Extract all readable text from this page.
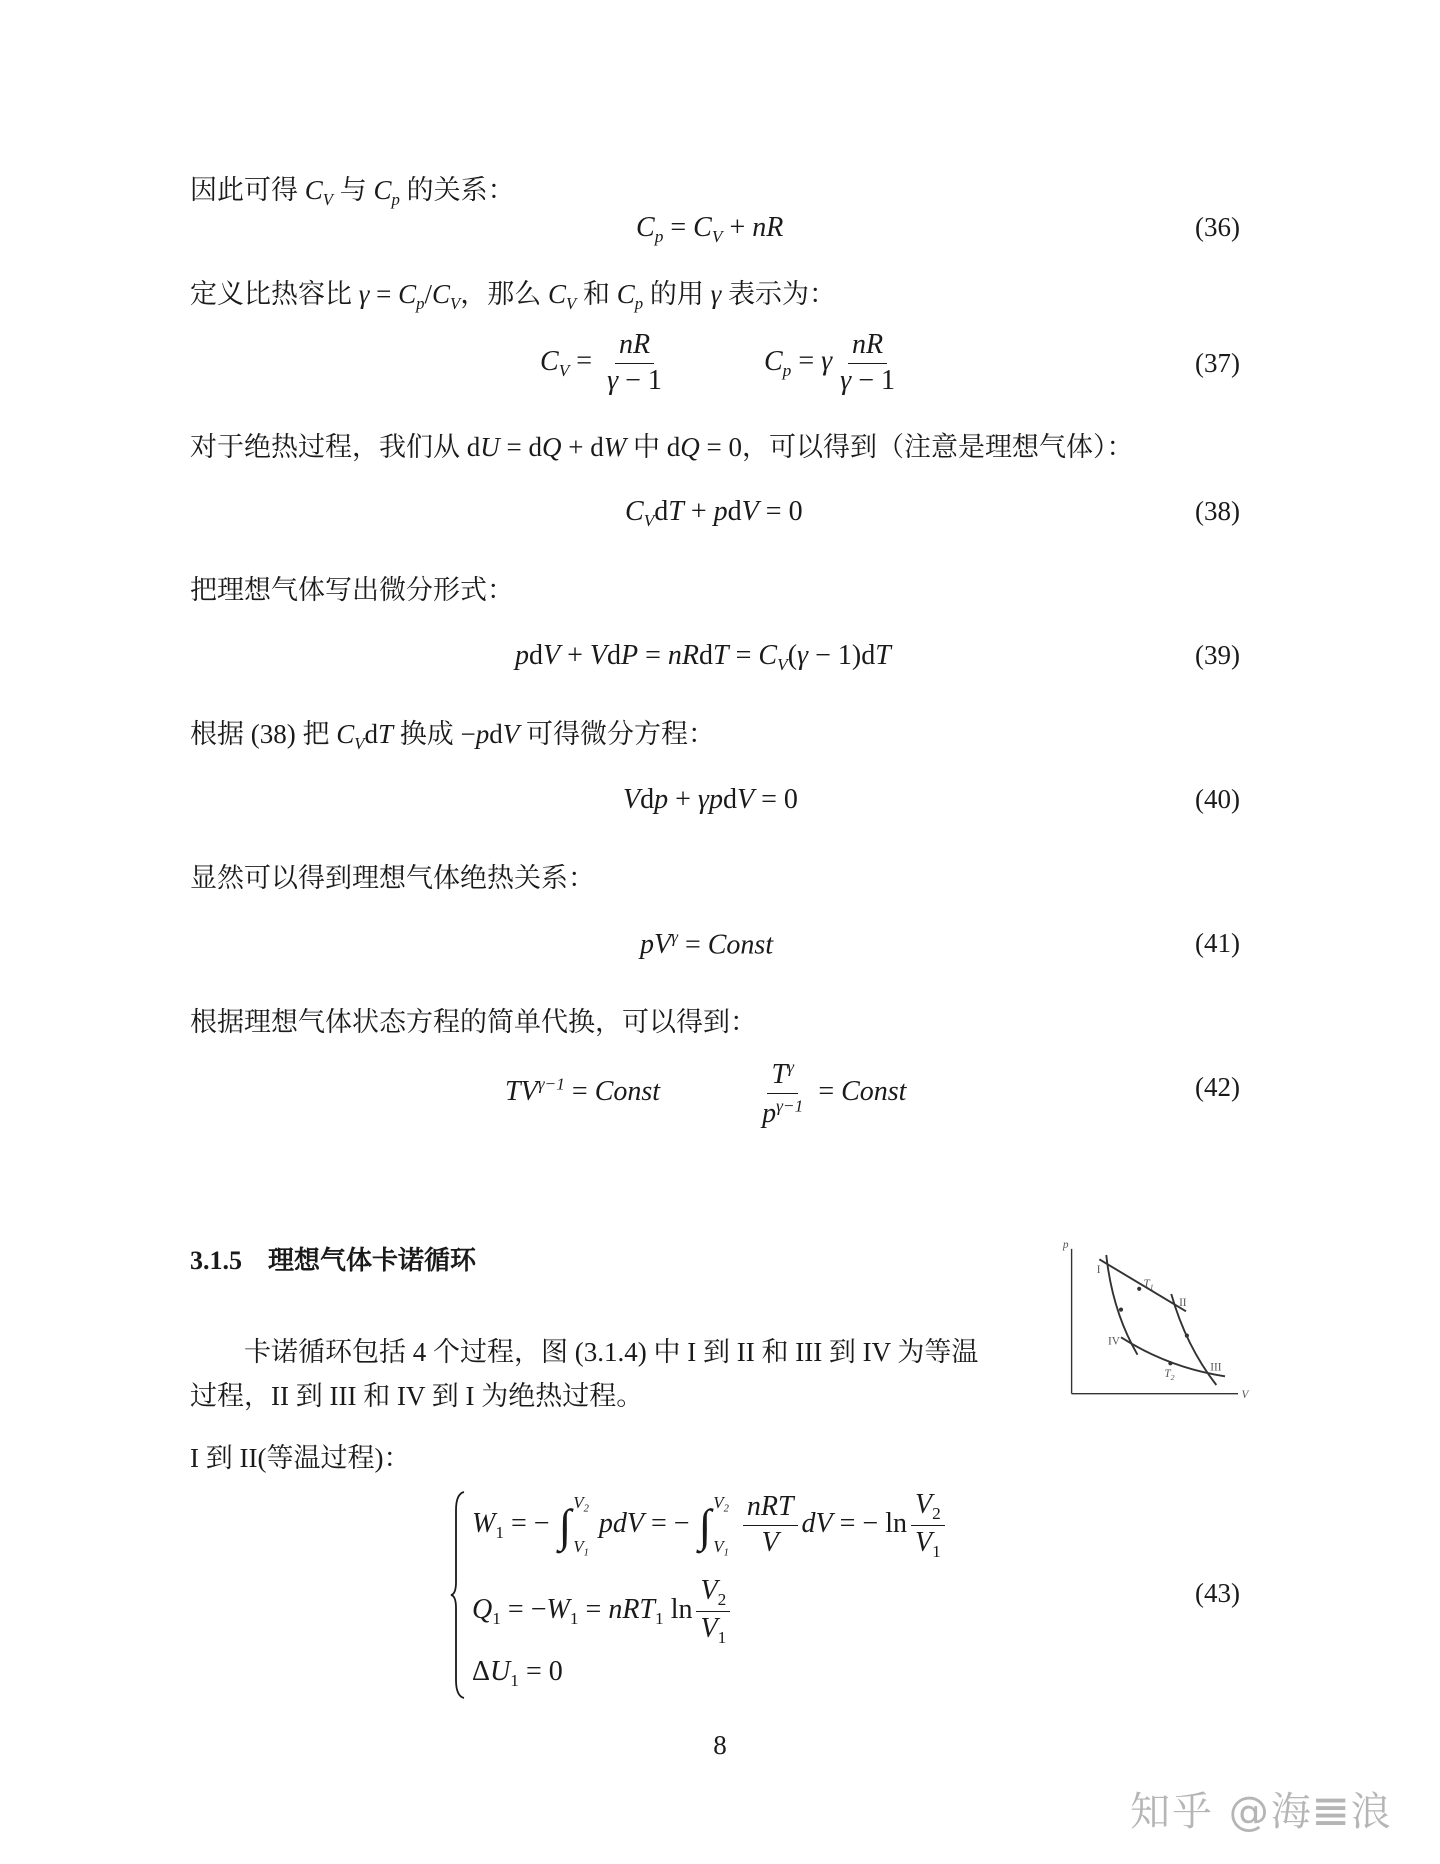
因此可得 $C_V$ 与 $C_p$ 的关系：
$C_p = C_V$ + nR	(36)
定义比热容比 $\gamma = C_p/C_V$，那么 $C_V$ 和 $C_p$ 的用 γ 表示为：
$C_V = \frac{nR}{\gamma - 1}$	$C_p = \gamma \frac{nR}{\gamma - 1}$	(37)
对于绝热过程，我们从 dU = dQ + dW 中 dQ = 0，可以得到（注意是理想气体）：
$C_VdT$ + pdV = 0	(38)
把理想气体写出微分形式：
pdV + VdP = nRdT = $C_V(\gamma - 1)dT$	(39)
根据 (38) 把 $C_VdT$ 换成 −pdV 可得微分方程：
Vdp + γpdV = 0	(40)
显然可以得到理想气体绝热关系：
$pV^\gamma$ = Const	(41)
根据理想气体状态方程的简单代换，可以得到：
$TV^{\gamma-1}$ = Const	$\frac{T^\gamma}{p^{\gamma-1}}$ = Const	(42)
3.1.5 理想气体卡诺循环
卡诺循环包括 4 个过程，图 (3.1.4) 中 I 到 II 和 III 到 IV 为等温
过程，II 到 III 和 IV 到 I 为绝热过程。
p
V
I
II
III
IV
$T_1$
$T_2$
I 到 II(等温过程)：
$W_1$ = − ∫ $V_2$
$V_1$
pdV = − ∫ $V_2$
$V_1 \frac{\text{nRT}}{V}$ dV = − $\ln \frac{V_2}{V_1}$
$Q_1 = -W_1 = nRT_1$ $\ln \frac{V_2}{V_1}$
$\Delta U_1 = 0$
(43)
8
知乎 @海𝌆浪
